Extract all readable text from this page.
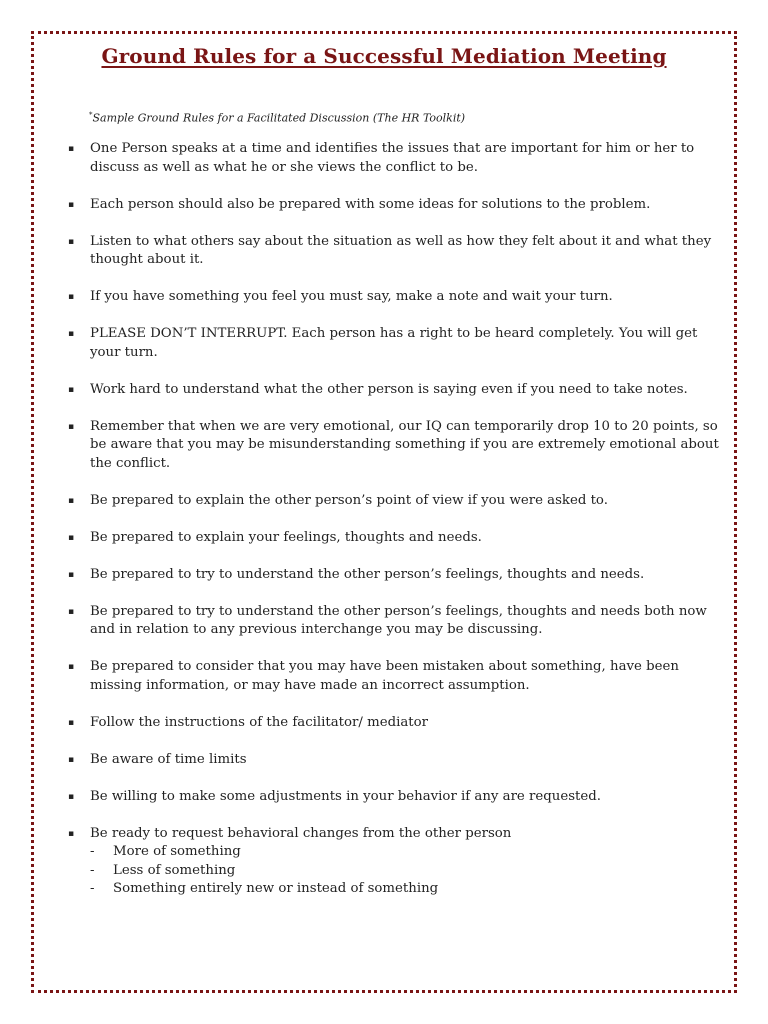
Ground Rules for a Successful Mediation Meeting
*Sample Ground Rules for a Facilitated Discussion (The HR Toolkit)
▪ One Person speaks at a time and identifies the issues that are important for him or her to discuss as well as what he or she views the conflict to be.
▪ Each person should also be prepared with some ideas for solutions to the problem.
▪ Listen to what others say about the situation as well as how they felt about it and what they thought about it.
▪ If you have something you feel you must say, make a note and wait your turn.
▪ PLEASE DON’T INTERRUPT. Each person has a right to be heard completely. You will get your turn.
▪ Work hard to understand what the other person is saying even if you need to take notes.
▪ Remember that when we are very emotional, our IQ can temporarily drop 10 to 20 points, so be aware that you may be misunderstanding something if you are extremely emotional about the conflict.
▪ Be prepared to explain the other person’s point of view if you were asked to.
▪ Be prepared to explain your feelings, thoughts and needs.
▪ Be prepared to try to understand the other person’s feelings, thoughts and needs.
▪ Be prepared to try to understand the other person’s feelings, thoughts and needs both now and in relation to any previous interchange you may be discussing.
▪ Be prepared to consider that you may have been mistaken about something, have been missing information, or may have made an incorrect assumption.
▪ Follow the instructions of the facilitator/ mediator
▪ Be aware of time limits
▪ Be willing to make some adjustments in your behavior if any are requested.
▪ Be ready to request behavioral changes from the other person
- More of something
- Less of something
- Something entirely new or instead of something
